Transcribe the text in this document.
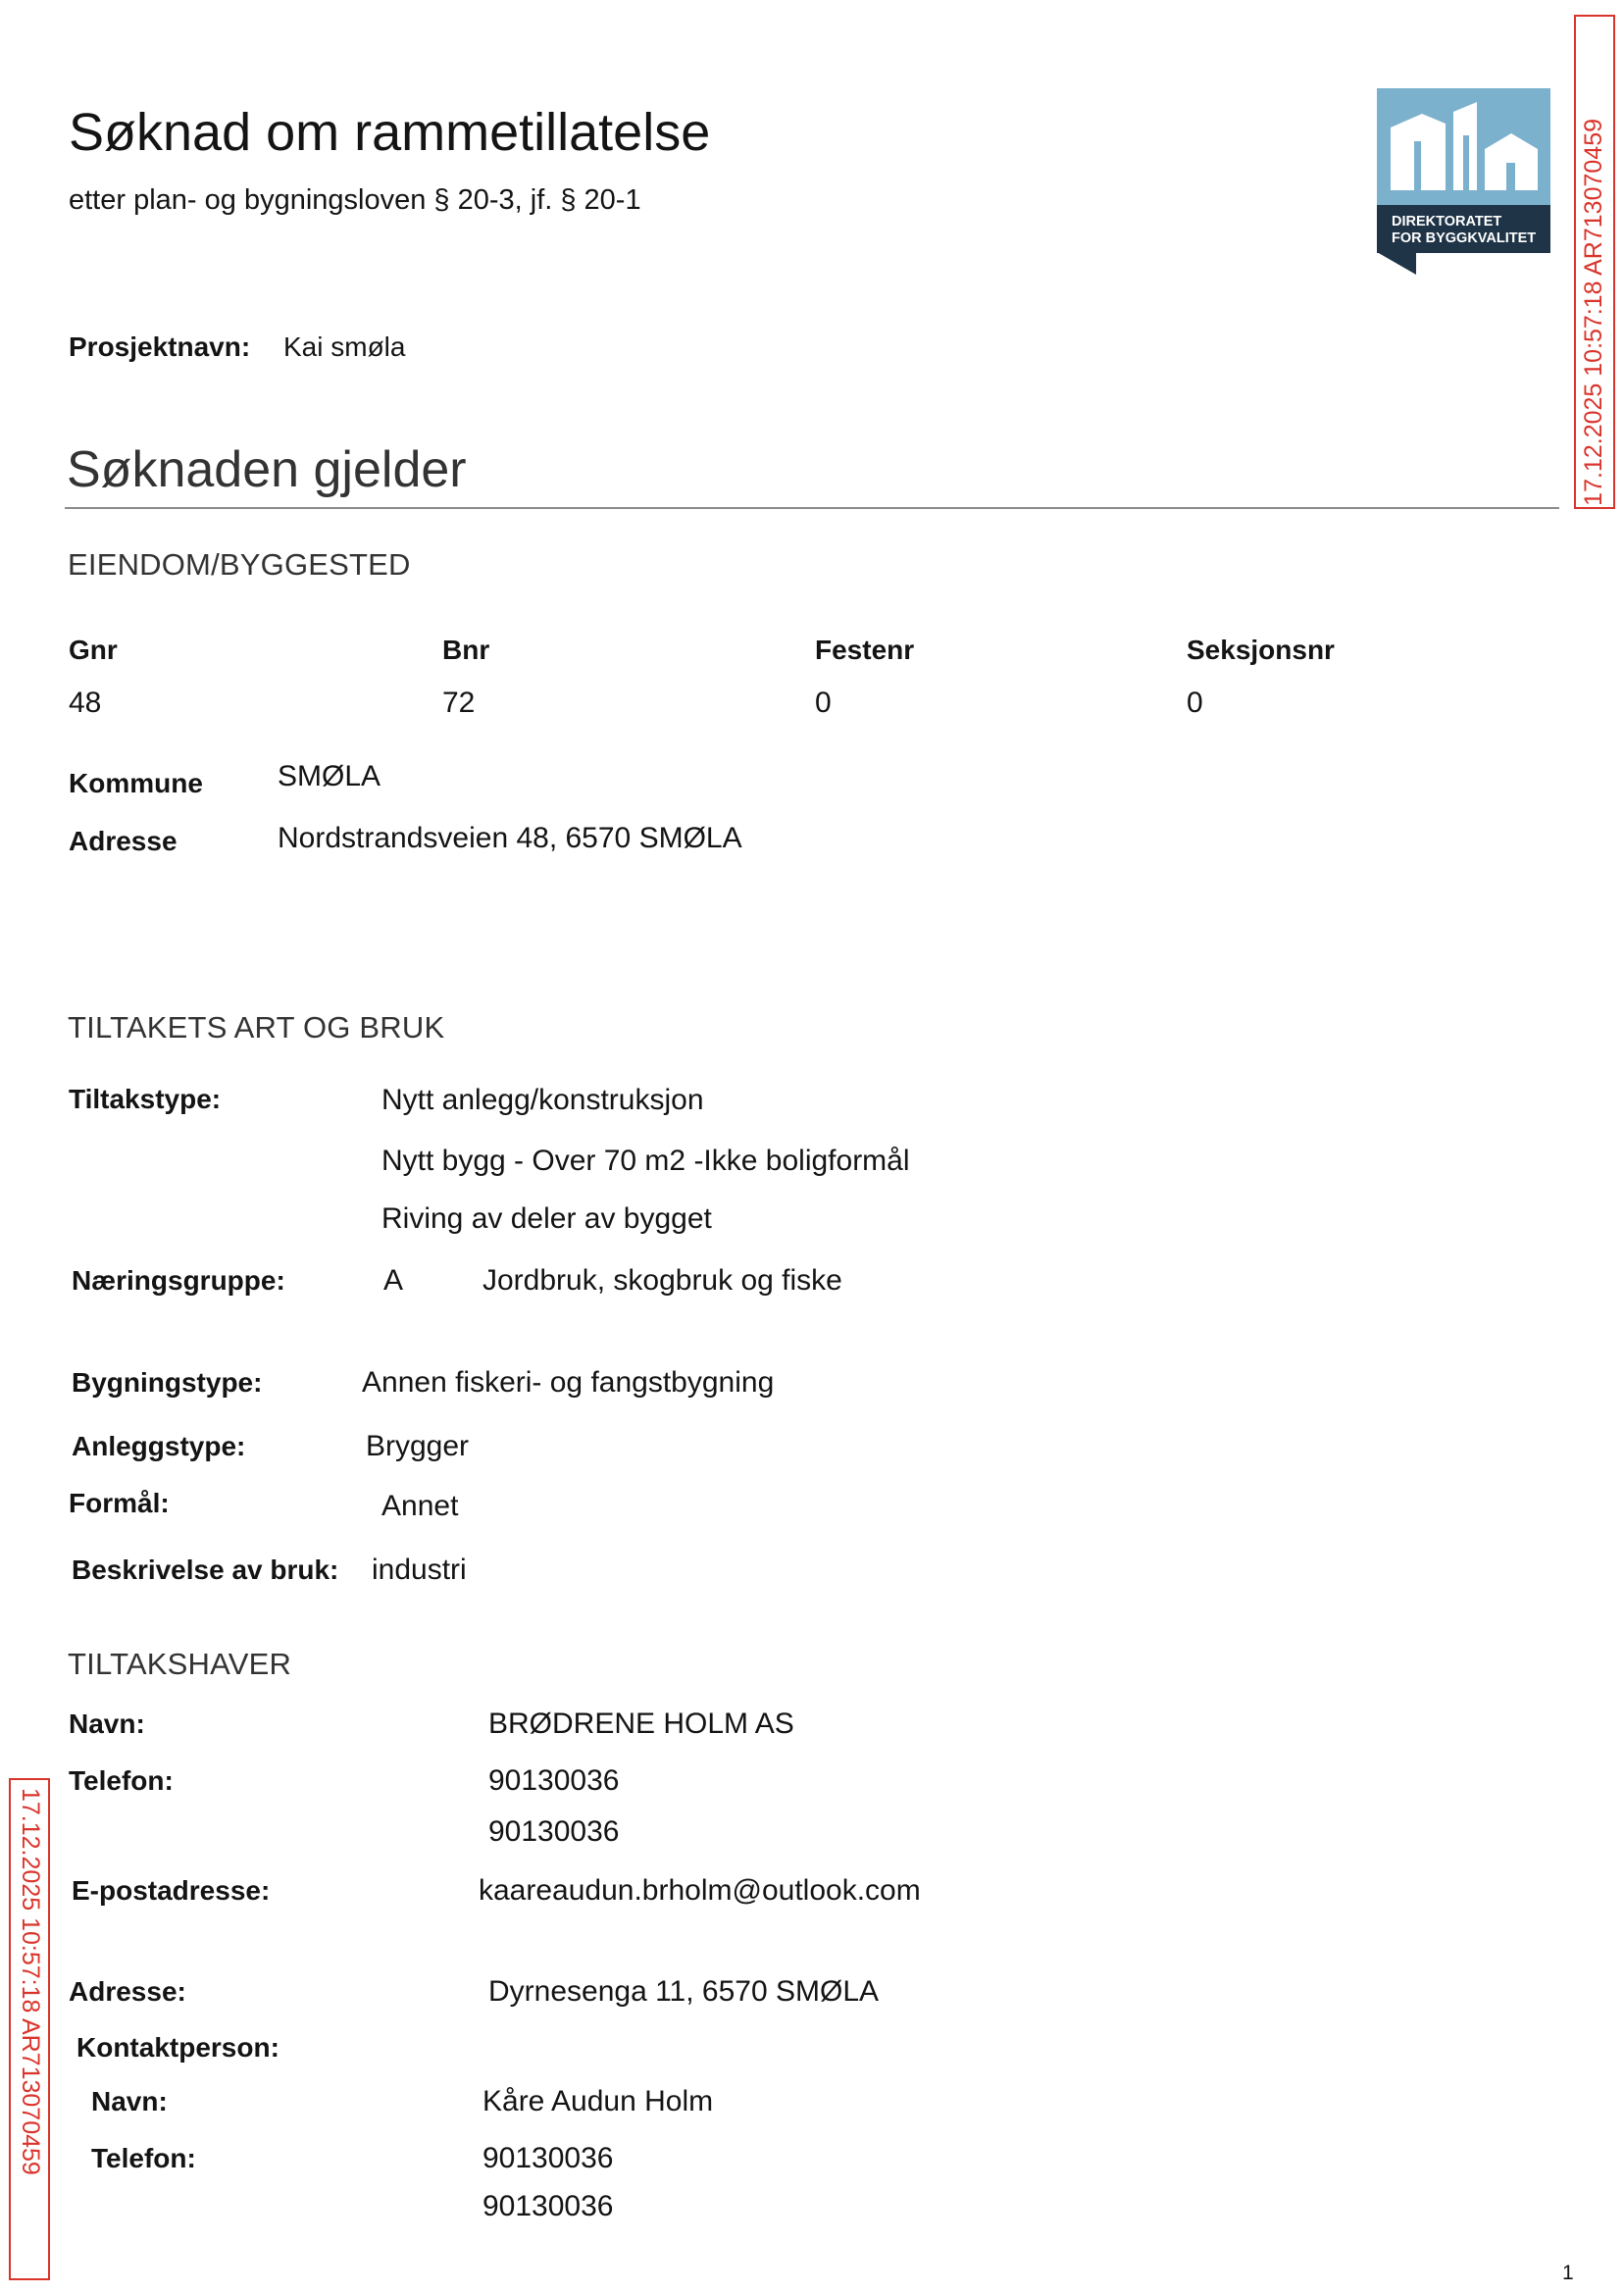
Søknad om rammetillatelse
etter plan- og bygningsloven § 20-3, jf. § 20-1
DIREKTORATET
FOR BYGGKVALITET 17.12.2025 10:57:18 AR713070459
17.12.2025 10:57:18 AR713070459
Prosjektnavn: Kai smøla
Søknaden gjelder
EIENDOM/BYGGESTED
Gnr	Bnr	Festenr	Seksjonsnr
48	72	0	0
Kommune	SMØLA
Adresse	Nordstrandsveien 48, 6570 SMØLA
TILTAKETS ART OG BRUK
Tiltakstype:	Nytt anlegg/konstruksjon
Nytt bygg - Over 70 m2 -Ikke boligformål
Riving av deler av bygget
Næringsgruppe:	A	Jordbruk, skogbruk og fiske
Bygningstype:	Annen fiskeri- og fangstbygning
Anleggstype:	Brygger
Formål:	Annet
Beskrivelse av bruk: industri
TILTAKSHAVER
Navn:	BRØDRENE HOLM AS
Telefon:	90130036
90130036
E-postadresse:	kaareaudun.brholm@outlook.com
Adresse:	Dyrnesenga 11, 6570 SMØLA
Kontaktperson:
Navn:	Kåre Audun Holm
Telefon:	90130036
90130036
1
